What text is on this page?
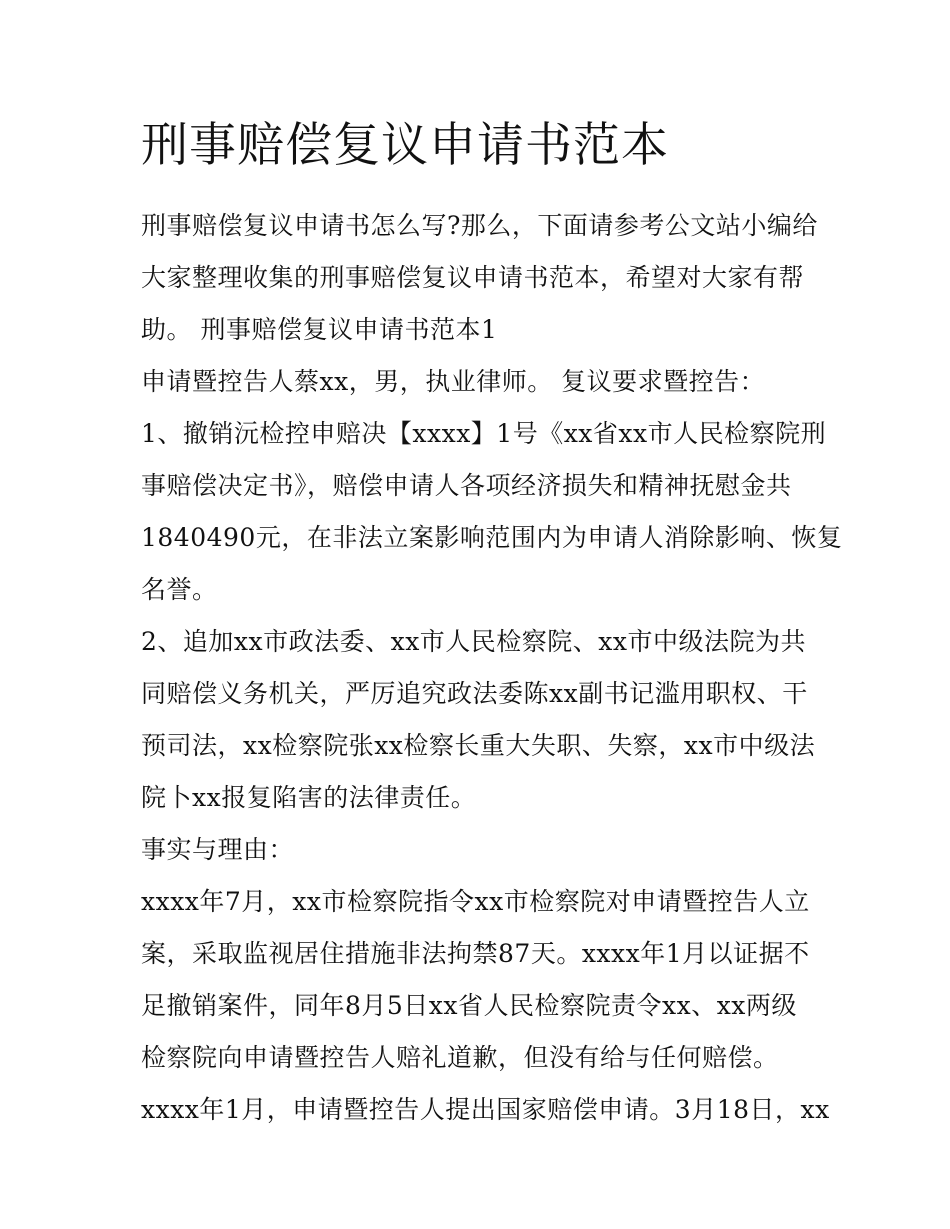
刑事赔偿复议申请书范本
刑事赔偿复议申请书怎么写?那么，下面请参考公文站小编给
大家整理收集的刑事赔偿复议申请书范本，希望对大家有帮
助。 刑事赔偿复议申请书范本1
申请暨控告人蔡xx，男，执业律师。 复议要求暨控告：
1、撤销沅检控申赔决【xxxx】1号《xx省xx市人民检察院刑
事赔偿决定书》，赔偿申请人各项经济损失和精神抚慰金共
1840490元，在非法立案影响范围内为申请人消除影响、恢复
名誉。
2、追加xx市政法委、xx市人民检察院、xx市中级法院为共
同赔偿义务机关，严厉追究政法委陈xx副书记滥用职权、干
预司法，xx检察院张xx检察长重大失职、失察，xx市中级法
院卜xx报复陷害的法律责任。
事实与理由：
xxxx年7月，xx市检察院指令xx市检察院对申请暨控告人立
案，采取监视居住措施非法拘禁87天。xxxx年1月以证据不
足撤销案件，同年8月5日xx省人民检察院责令xx、xx两级
检察院向申请暨控告人赔礼道歉，但没有给与任何赔偿。
xxxx年1月，申请暨控告人提出国家赔偿申请。3月18日，xx
